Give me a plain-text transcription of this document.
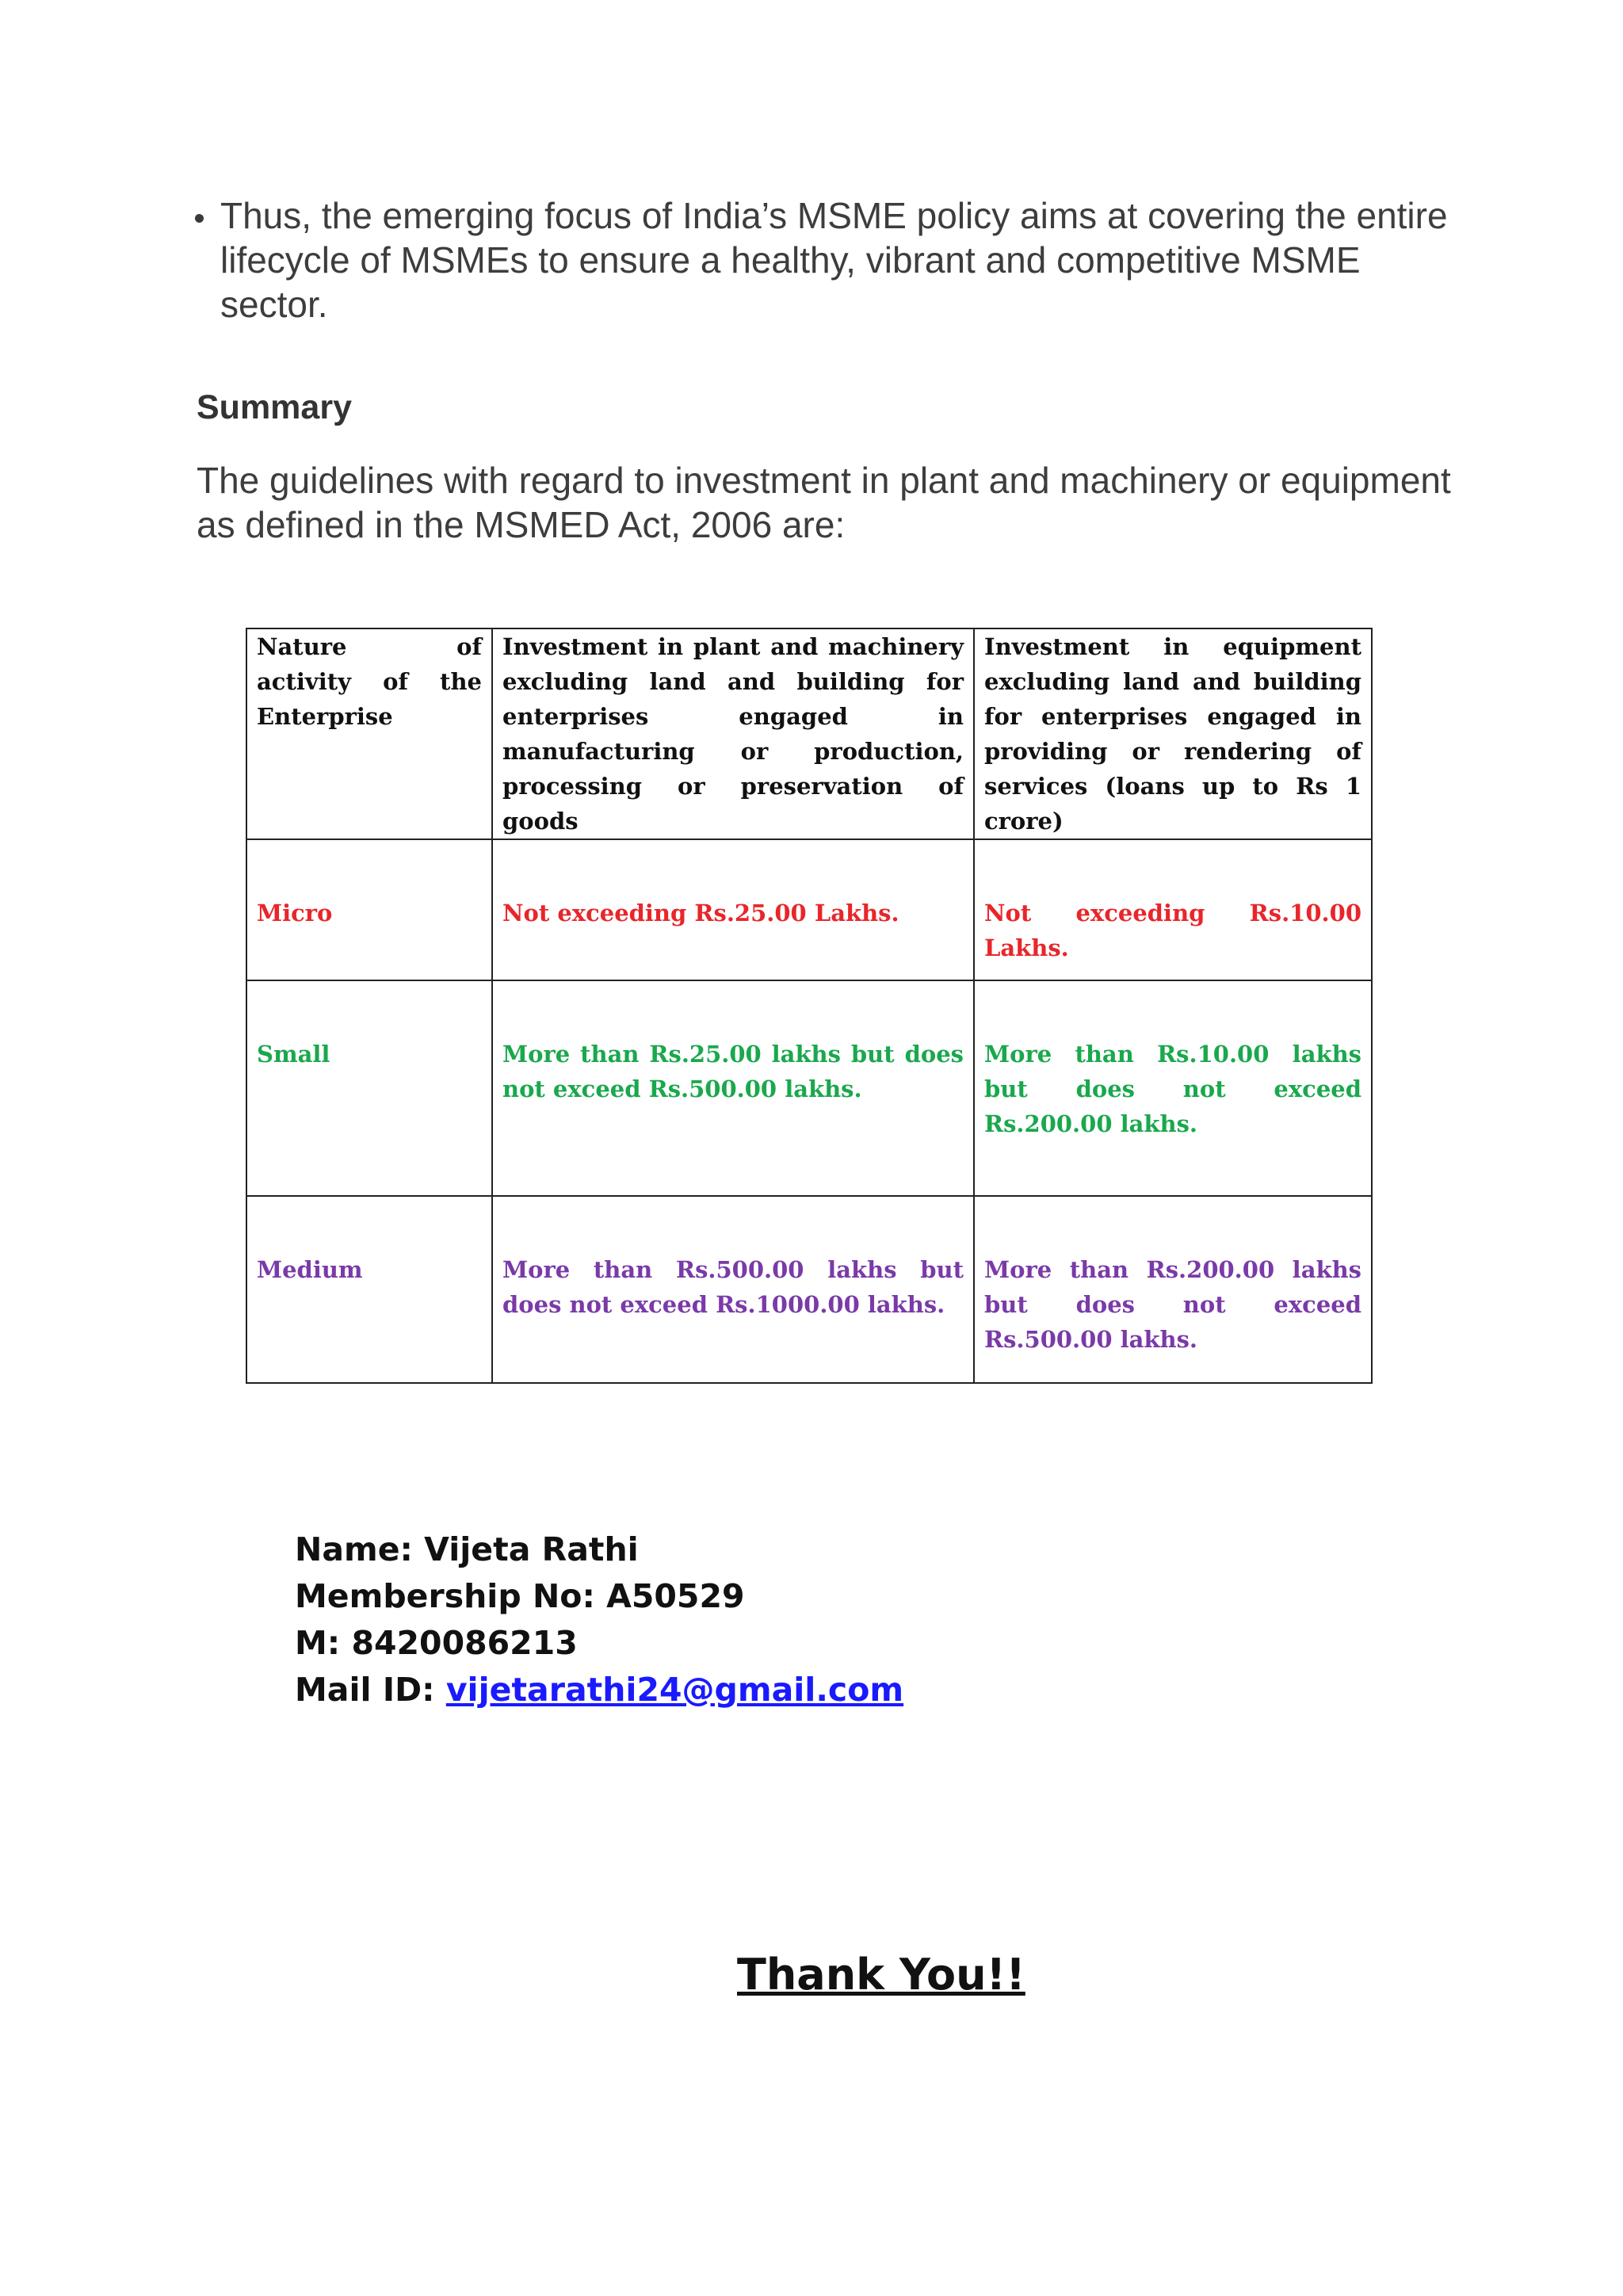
Thus, the emerging focus of India’s MSME policy aims at covering the entire lifecycle of MSMEs to ensure a healthy, vibrant and competitive MSME sector.

Summary

The guidelines with regard to investment in plant and machinery or equipment as defined in the MSMED Act, 2006 are:

Nature of activity of the Enterprise	Investment in plant and machinery excluding land and building for enterprises engaged in manufacturing or production, processing or preservation of goods	Investment in equipment excluding land and building for enterprises engaged in providing or rendering of services (loans up to Rs 1 crore)
Micro	Not exceeding Rs.25.00 Lakhs.	Not exceeding Rs.10.00 Lakhs.
Small	More than Rs.25.00 lakhs but does not exceed Rs.500.00 lakhs.	More than Rs.10.00 lakhs but does not exceed Rs.200.00 lakhs.
Medium	More than Rs.500.00 lakhs but does not exceed Rs.1000.00 lakhs.	More than Rs.200.00 lakhs but does not exceed Rs.500.00 lakhs.
Name: Vijeta Rathi
Membership No: A50529
M: 8420086213
Mail ID: vijetarathi24@gmail.com
Thank You!!
